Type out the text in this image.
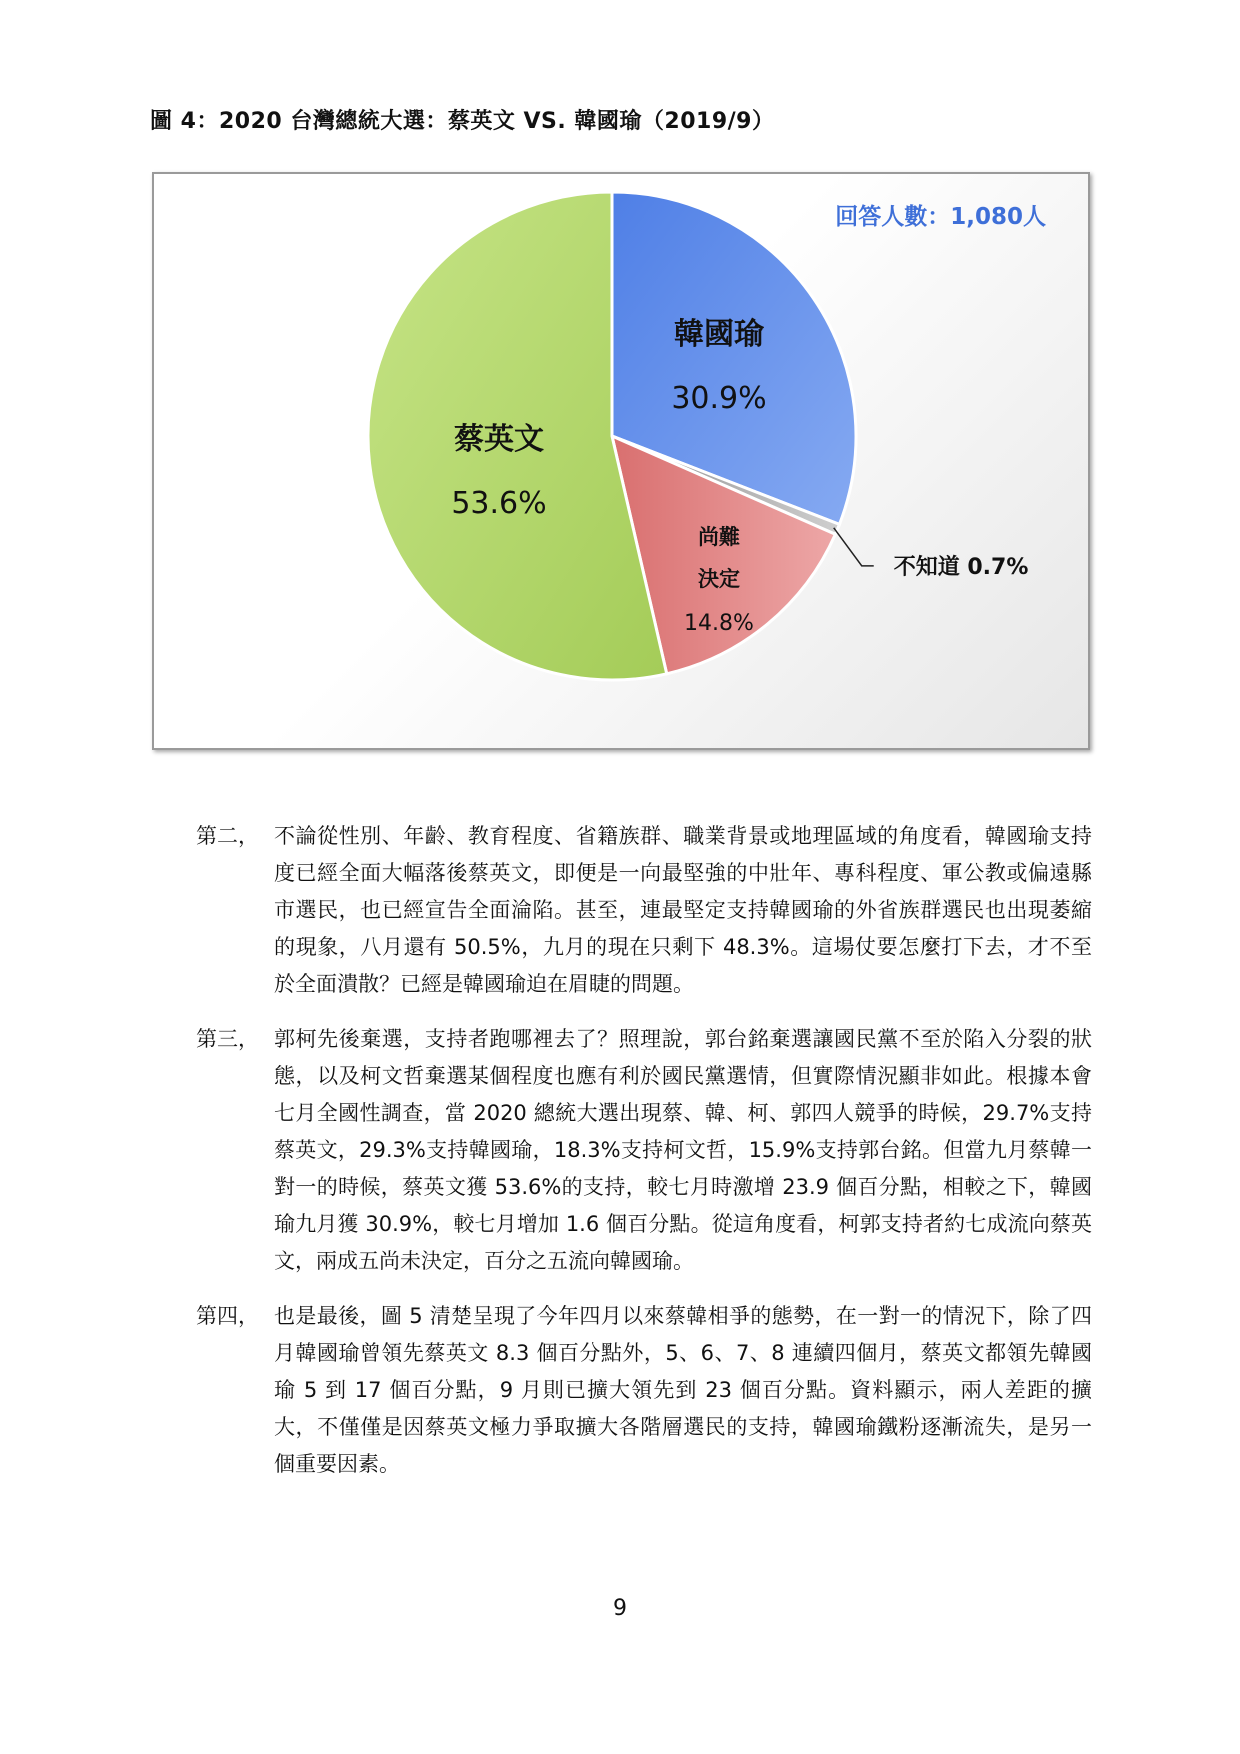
圖 4：2020 台灣總統大選：蔡英文 VS. 韓國瑜（2019/9）
韓國瑜
30.9%
不知道 0.7%
尚難
決定
14.8%
蔡英文
53.6%
回答人數：1,080人
第二， 不論從性別、年齡、教育程度、省籍族群、職業背景或地理區域的角度看，韓國瑜支持度已經全面大幅落後蔡英文，即便是一向最堅強的中壯年、專科程度、軍公教或偏遠縣市選民，也已經宣告全面淪陷。甚至，連最堅定支持韓國瑜的外省族群選民也出現萎縮的現象，八月還有 50.5%，九月的現在只剩下 48.3%。這場仗要怎麼打下去，才不至於全面潰散？已經是韓國瑜迫在眉睫的問題。
第三， 郭柯先後棄選，支持者跑哪裡去了？照理說，郭台銘棄選讓國民黨不至於陷入分裂的狀態，以及柯文哲棄選某個程度也應有利於國民黨選情，但實際情況顯非如此。根據本會七月全國性調查，當 2020 總統大選出現蔡、韓、柯、郭四人競爭的時候，29.7%支持蔡英文，29.3%支持韓國瑜，18.3%支持柯文哲，15.9%支持郭台銘。但當九月蔡韓一對一的時候，蔡英文獲 53.6%的支持，較七月時激增 23.9 個百分點，相較之下，韓國瑜九月獲 30.9%，較七月增加 1.6 個百分點。從這角度看，柯郭支持者約七成流向蔡英文，兩成五尚未決定，百分之五流向韓國瑜。
第四， 也是最後，圖 5 清楚呈現了今年四月以來蔡韓相爭的態勢，在一對一的情況下，除了四月韓國瑜曾領先蔡英文 8.3 個百分點外，5、6、7、8 連續四個月，蔡英文都領先韓國瑜 5 到 17 個百分點，9 月則已擴大領先到 23 個百分點。資料顯示，兩人差距的擴大，不僅僅是因蔡英文極力爭取擴大各階層選民的支持，韓國瑜鐵粉逐漸流失，是另一個重要因素。
9
